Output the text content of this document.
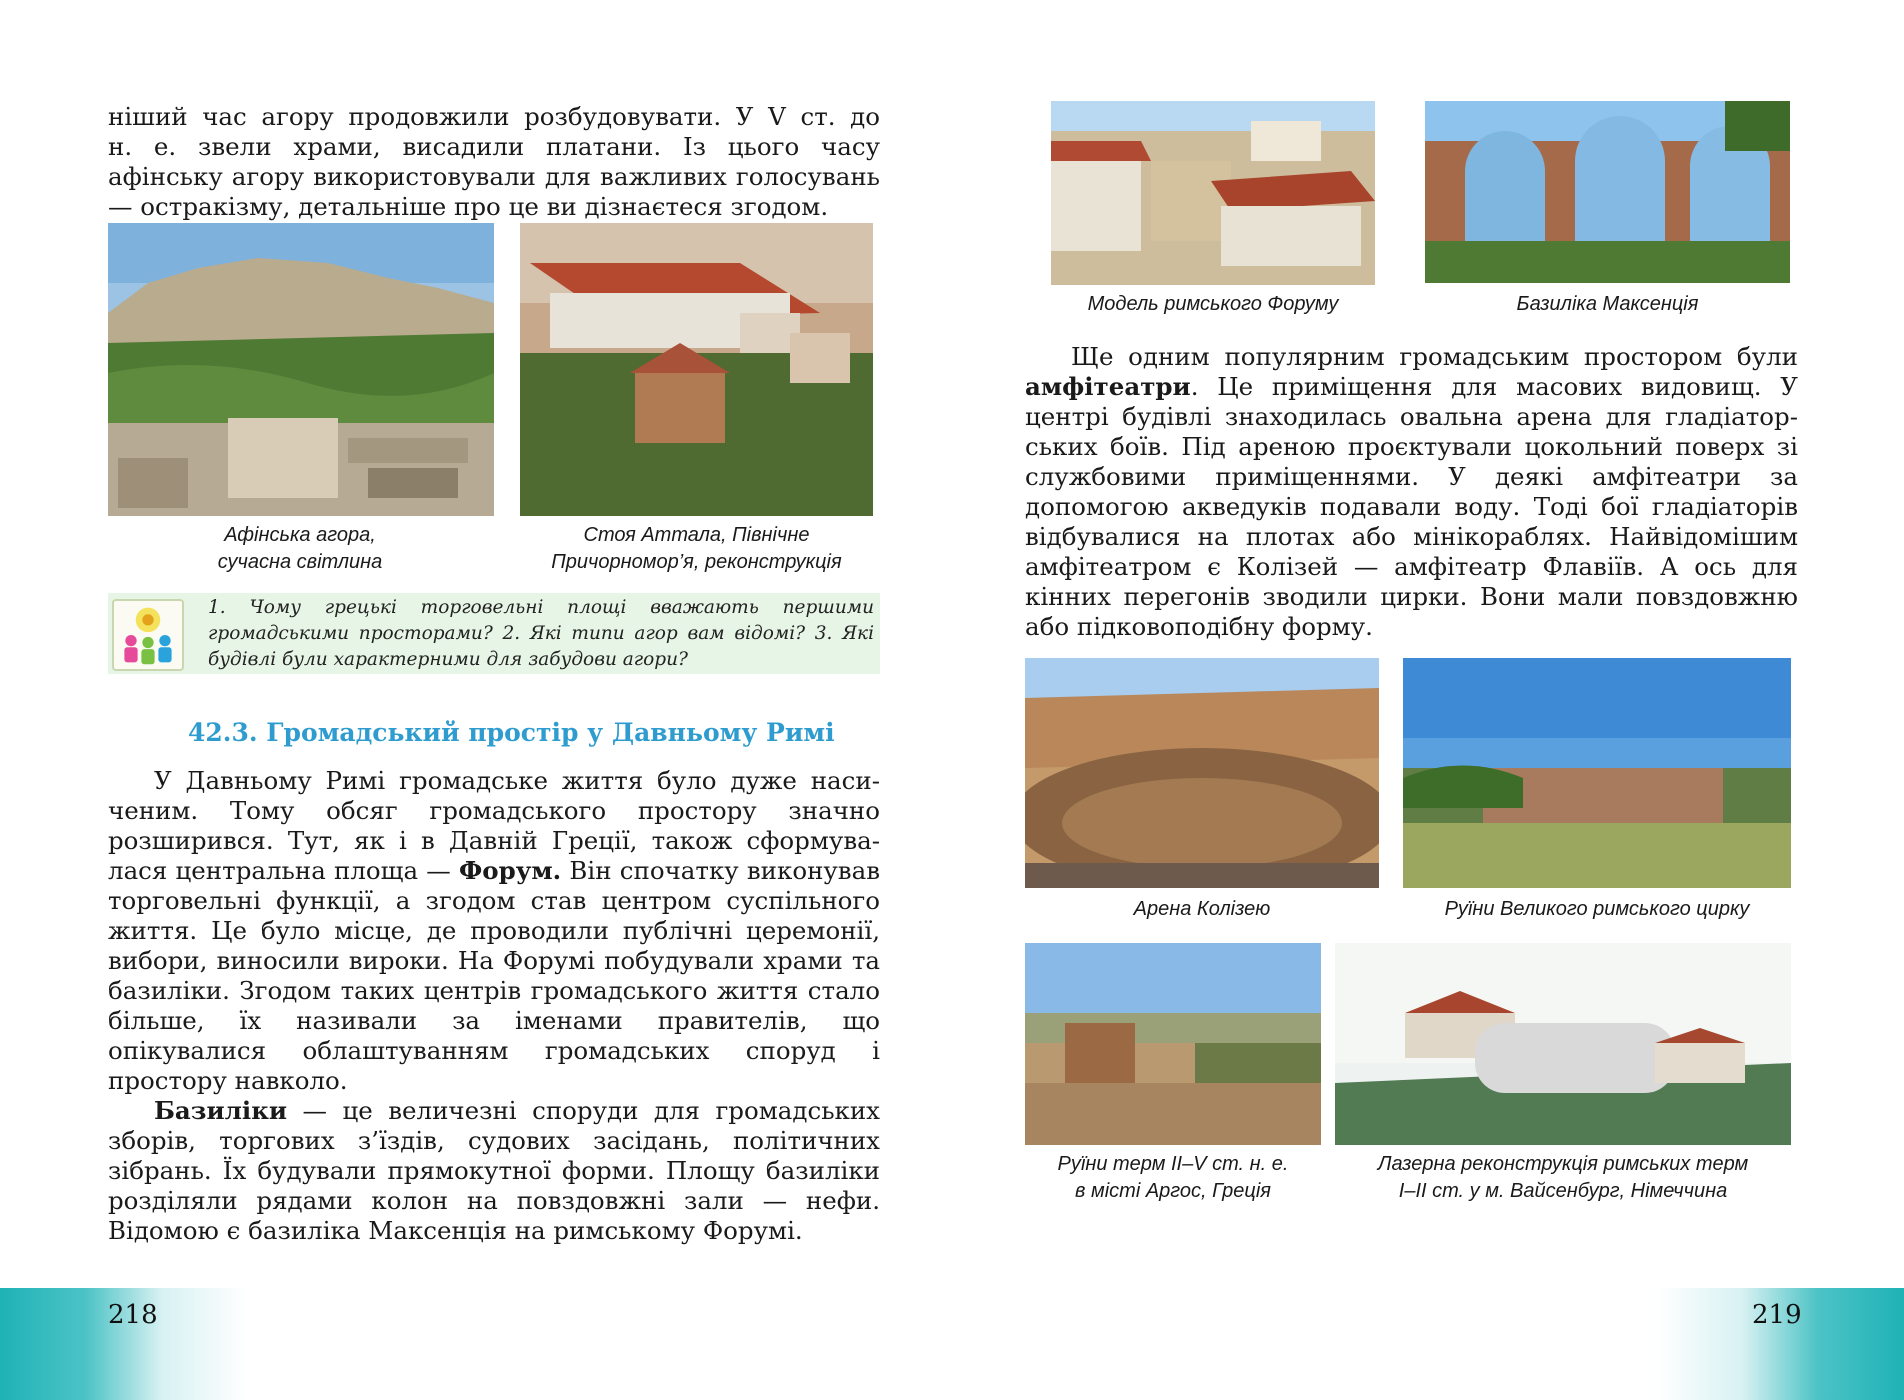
ніший час агору продовжили розбудовувати. У V ст. до

н. е. звели храми, висадили платани. Із цього часу

афінську агору використовували для важливих голосувань

— остракізму, детальніше про це ви дізнаєтеся згодом.

Афінська агора,
сучасна світлина
Стоя Аттала, Північне
Причорномор’я, реконструкція
1. Чому грецькі торговельні площі вважають першими громадськими просторами? 2. Які типи агор вам відомі? 3. Які будівлі були характерними для забудови агори?
42.3. Громадський простір у Давньому Римі

У Давньому Римі громадське життя було дуже насиченим. Тому обсяг громадського простору значно розширився. Тут, як і в Давній Греції, також сформувалася центральна площа — Форум. Він спочатку виконував торговельні функції, а згодом став центром суспільного життя. Це було місце, де проводили публічні церемонії, вибори, виносили вироки. На Форумі побудували храми та базиліки. Згодом таких центрів громадського життя стало більше, їх називали за іменами правителів, що опікувалися облаштуванням громадських споруд і простору навколо.

Базиліки — це величезні споруди для громадських зборів, торгових з’їздів, судових засідань, політичних зібрань. Їх будували прямокутної форми. Площу базиліки розділяли рядами колон на повздовжні зали — нефи. Відомою є базиліка Максенція на римському Форумі.

Модель римського Форуму	Базиліка Максенція

Ще одним популярним громадським простором були амфітеатри. Це приміщення для масових видовищ. У центрі будівлі знаходилась овальна арена для гладіаторських боїв. Під ареною проєктували цокольний поверх зі службовими приміщеннями. У деякі амфітеатри за допомогою акведуків подавали воду. Тоді бої гладіаторів відбувалися на плотах або мінікораблях. Найвідомішим амфітеатром є Колізей — амфітеатр Флавіїв. А ось для кінних перегонів зводили цирки. Вони мали повздовжню або підковоподібну форму.

Арена Колізею	Руїни Великого римського цирку
Руїни терм II–V ст. н. е.
в місті Аргос, Греція
Лазерна реконструкція римських терм
I–II ст. у м. Вайсенбург, Німеччина
218	219
